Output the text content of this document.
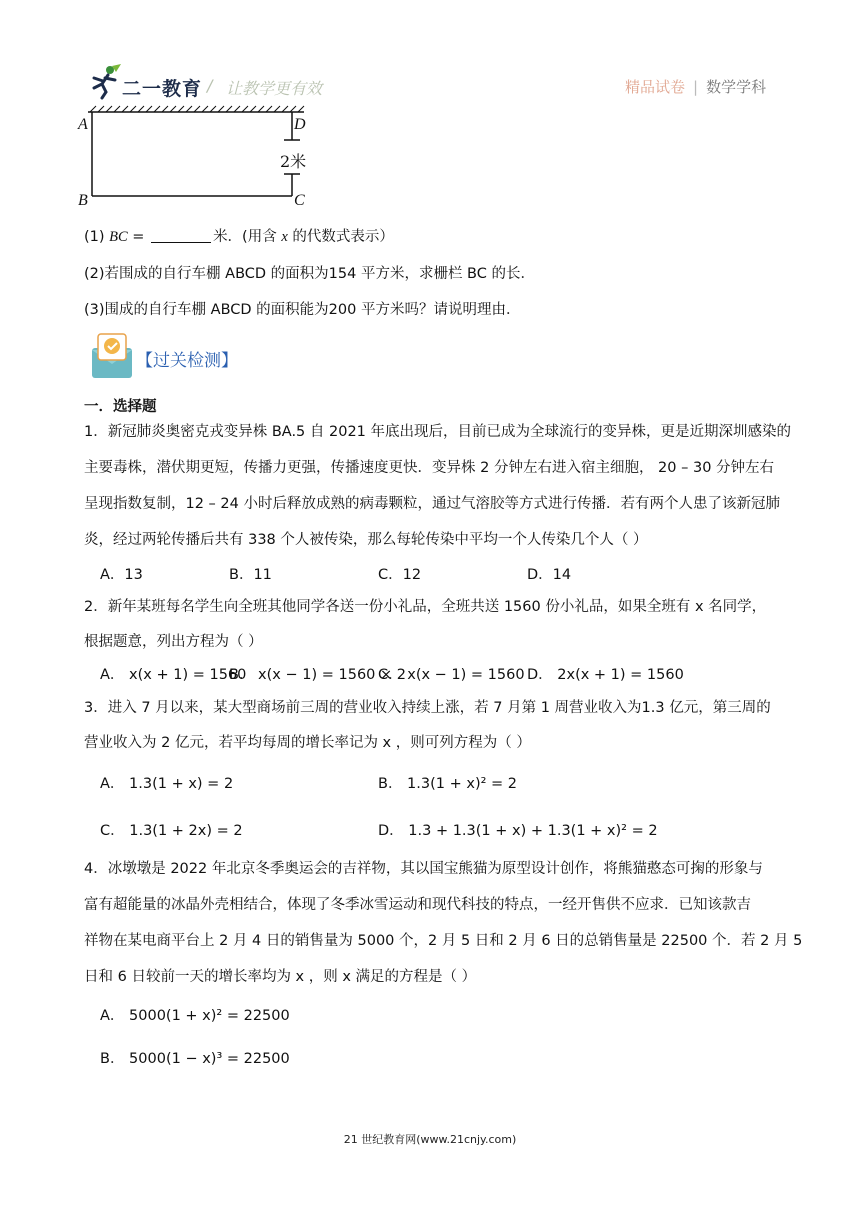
二一教育 / 让教学更有效	精品试卷 | 数学学科
A
B	C
D
2米
(1) BC =	米．(用含 x 的代数式表示）
(2)若围成的自行车棚 ABCD 的面积为154 平方米，求栅栏 BC 的长．
(3)围成的自行车棚 ABCD 的面积能为200 平方米吗？请说明理由．
【过关检测】
一．选择题
1．新冠肺炎奥密克戎变异株 BA.5 自 2021 年底出现后，目前已成为全球流行的变异株，更是近期深圳感染的
主要毒株，潜伏期更短，传播力更强，传播速度更快．变异株 2 分钟左右进入宿主细胞， 20 – 30 分钟左右
呈现指数复制，12 – 24 小时后释放成熟的病毒颗粒，通过气溶胶等方式进行传播．若有两个人患了该新冠肺
炎，经过两轮传播后共有 338 个人被传染，那么每轮传染中平均一个人传染几个人（ ）
A．13	B．11	C．12	D．14
2．新年某班每名学生向全班其他同学各送一份小礼品，全班共送 1560 份小礼品，如果全班有 x 名同学，
根据题意，列出方程为（ ）
A． x(x + 1) = 1560
B． x(x − 1) = 1560 × 2
C． x(x − 1) = 1560 D． 2x(x + 1) = 1560
3．进入 7 月以来，某大型商场前三周的营业收入持续上涨，若 7 月第 1 周营业收入为1.3 亿元，第三周的
营业收入为 2 亿元，若平均每周的增长率记为 x ，则可列方程为（ ）
A． 1.3(1 + x) = 2	B． 1.3(1 + x)² = 2
C． 1.3(1 + 2x) = 2	D． 1.3 + 1.3(1 + x) + 1.3(1 + x)² = 2
4．冰墩墩是 2022 年北京冬季奥运会的吉祥物，其以国宝熊猫为原型设计创作，将熊猫憨态可掬的形象与
富有超能量的冰晶外壳相结合，体现了冬季冰雪运动和现代科技的特点，一经开售供不应求．已知该款吉
祥物在某电商平台上 2 月 4 日的销售量为 5000 个，2 月 5 日和 2 月 6 日的总销售量是 22500 个．若 2 月 5
日和 6 日较前一天的增长率均为 x ，则 x 满足的方程是（ ）
A． 5000(1 + x)² = 22500
B． 5000(1 − x)³ = 22500
21 世纪教育网(www.21cnjy.com)
